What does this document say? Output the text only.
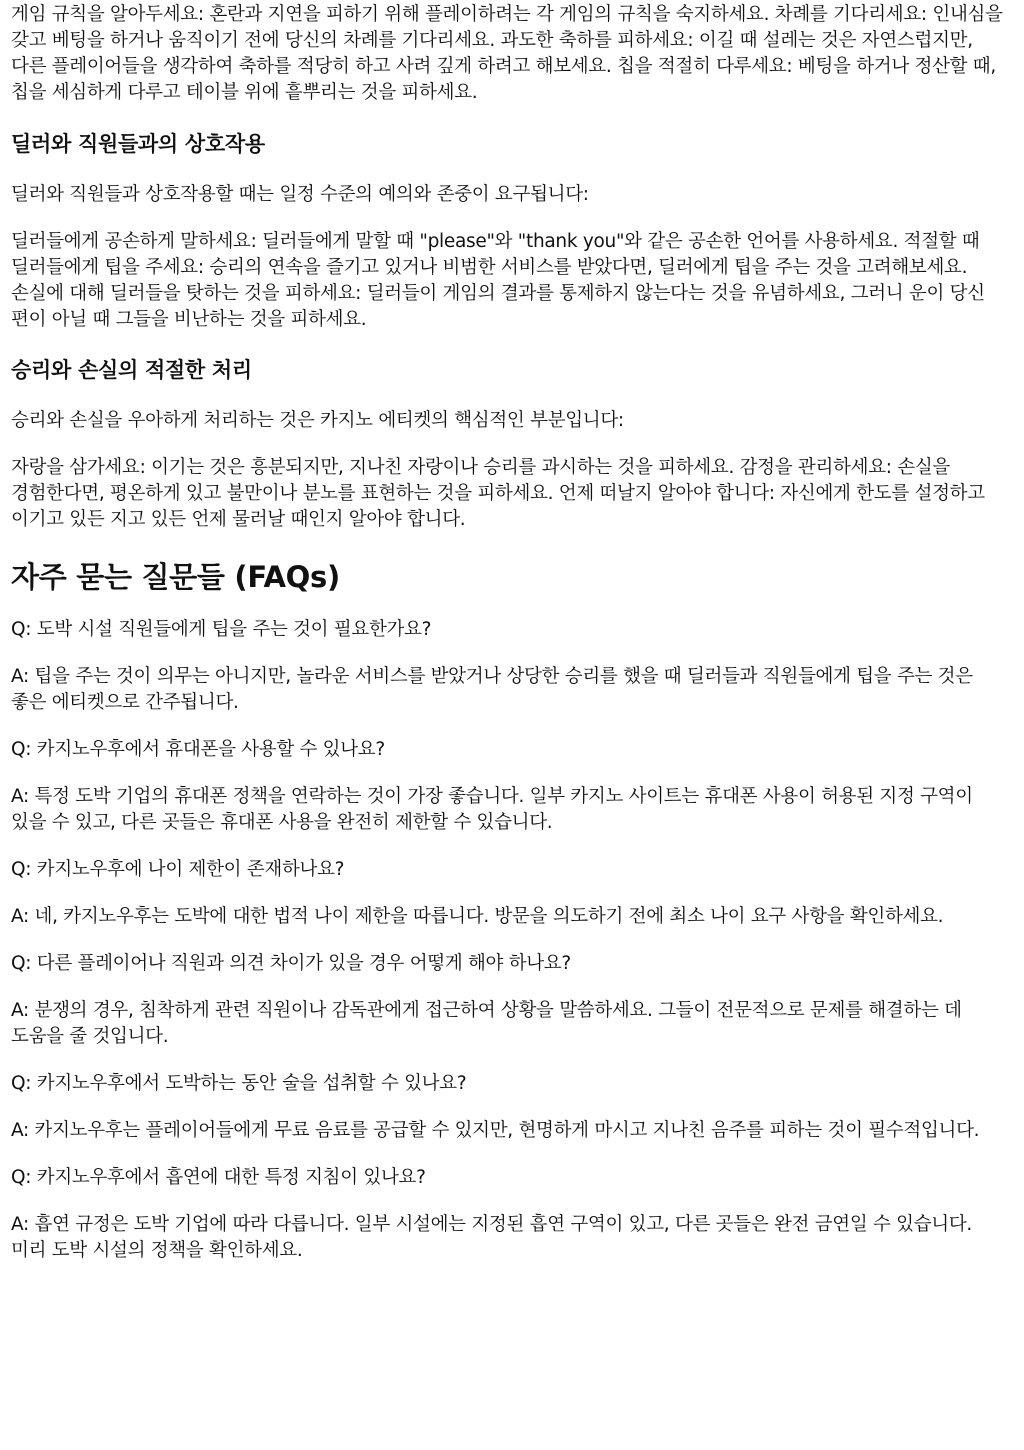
게임 규칙을 알아두세요: 혼란과 지연을 피하기 위해 플레이하려는 각 게임의 규칙을 숙지하세요. 차례를 기다리세요: 인내심을 갖고 베팅을 하거나 움직이기 전에 당신의 차례를 기다리세요. 과도한 축하를 피하세요: 이길 때 설레는 것은 자연스럽지만, 다른 플레이어들을 생각하여 축하를 적당히 하고 사려 깊게 하려고 해보세요. 칩을 적절히 다루세요: 베팅을 하거나 정산할 때, 칩을 세심하게 다루고 테이블 위에 흩뿌리는 것을 피하세요.

딜러와 직원들과의 상호작용

딜러와 직원들과 상호작용할 때는 일정 수준의 예의와 존중이 요구됩니다:

딜러들에게 공손하게 말하세요: 딜러들에게 말할 때 "please"와 "thank you"와 같은 공손한 언어를 사용하세요. 적절할 때 딜러들에게 팁을 주세요: 승리의 연속을 즐기고 있거나 비범한 서비스를 받았다면, 딜러에게 팁을 주는 것을 고려해보세요. 손실에 대해 딜러들을 탓하는 것을 피하세요: 딜러들이 게임의 결과를 통제하지 않는다는 것을 유념하세요, 그러니 운이 당신 편이 아닐 때 그들을 비난하는 것을 피하세요.

승리와 손실의 적절한 처리

승리와 손실을 우아하게 처리하는 것은 카지노 에티켓의 핵심적인 부분입니다:

자랑을 삼가세요: 이기는 것은 흥분되지만, 지나친 자랑이나 승리를 과시하는 것을 피하세요. 감정을 관리하세요: 손실을 경험한다면, 평온하게 있고 불만이나 분노를 표현하는 것을 피하세요. 언제 떠날지 알아야 합니다: 자신에게 한도를 설정하고 이기고 있든 지고 있든 언제 물러날 때인지 알아야 합니다.

자주 묻는 질문들 (FAQs)

Q: 도박 시설 직원들에게 팁을 주는 것이 필요한가요?

A: 팁을 주는 것이 의무는 아니지만, 놀라운 서비스를 받았거나 상당한 승리를 했을 때 딜러들과 직원들에게 팁을 주는 것은 좋은 에티켓으로 간주됩니다.

Q: 카지노우후에서 휴대폰을 사용할 수 있나요?

A: 특정 도박 기업의 휴대폰 정책을 연락하는 것이 가장 좋습니다. 일부 카지노 사이트는 휴대폰 사용이 허용된 지정 구역이 있을 수 있고, 다른 곳들은 휴대폰 사용을 완전히 제한할 수 있습니다.

Q: 카지노우후에 나이 제한이 존재하나요?

A: 네, 카지노우후는 도박에 대한 법적 나이 제한을 따릅니다. 방문을 의도하기 전에 최소 나이 요구 사항을 확인하세요.

Q: 다른 플레이어나 직원과 의견 차이가 있을 경우 어떻게 해야 하나요?

A: 분쟁의 경우, 침착하게 관련 직원이나 감독관에게 접근하여 상황을 말씀하세요. 그들이 전문적으로 문제를 해결하는 데 도움을 줄 것입니다.

Q: 카지노우후에서 도박하는 동안 술을 섭취할 수 있나요?

A: 카지노우후는 플레이어들에게 무료 음료를 공급할 수 있지만, 현명하게 마시고 지나친 음주를 피하는 것이 필수적입니다.

Q: 카지노우후에서 흡연에 대한 특정 지침이 있나요?

A: 흡연 규정은 도박 기업에 따라 다릅니다. 일부 시설에는 지정된 흡연 구역이 있고, 다른 곳들은 완전 금연일 수 있습니다. 미리 도박 시설의 정책을 확인하세요.
